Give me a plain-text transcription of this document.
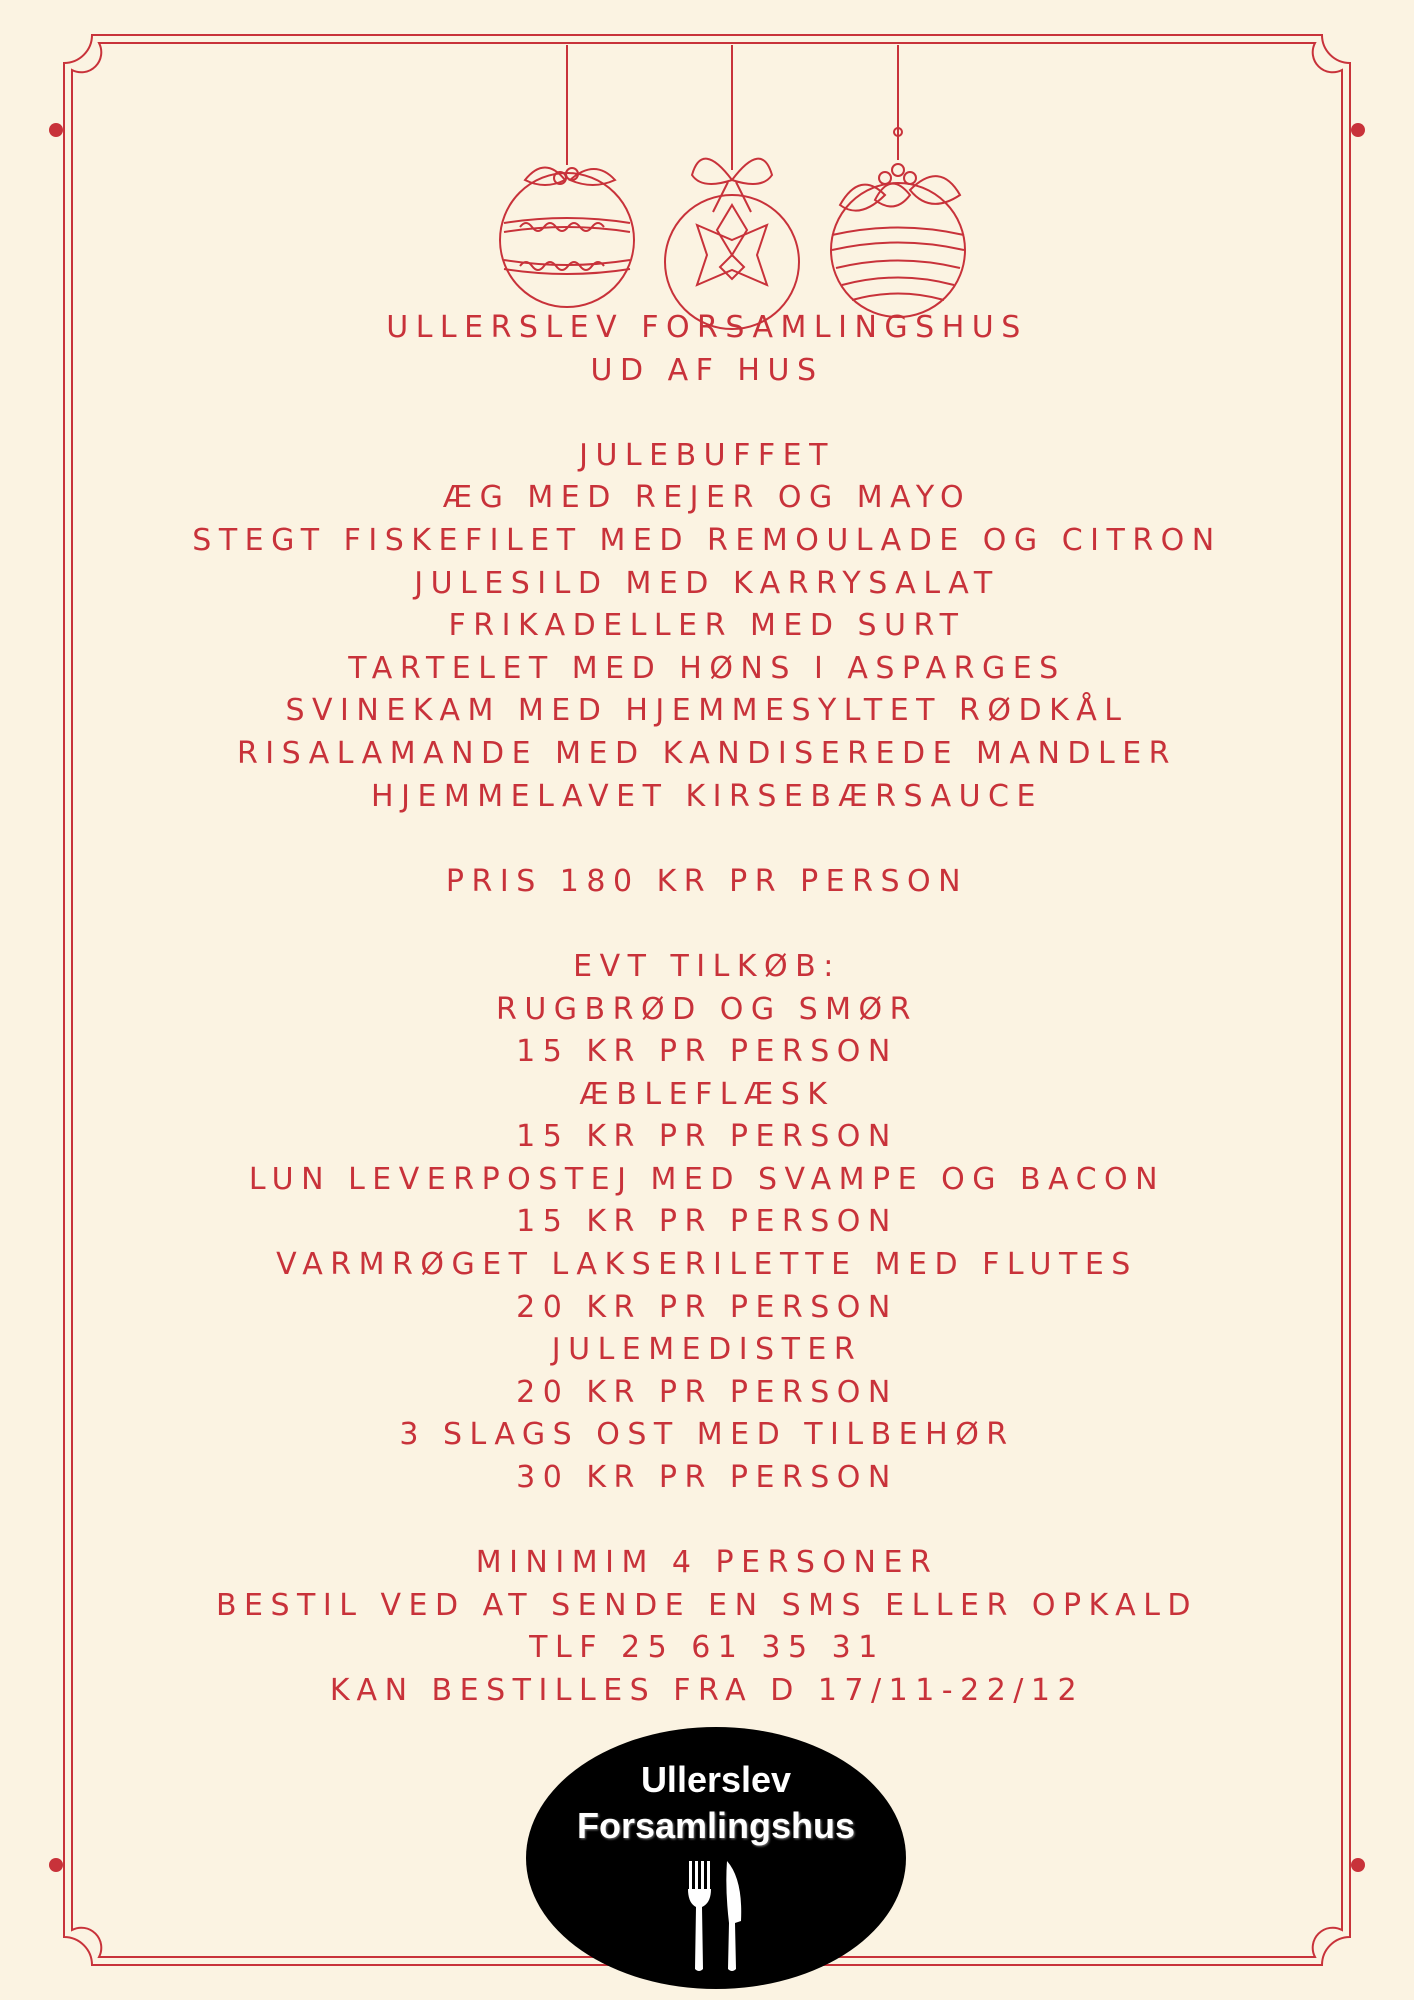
ULLERSLEV FORSAMLINGSHUS
UD AF HUS
JULEBUFFET
ÆG MED REJER OG MAYO
STEGT FISKEFILET MED REMOULADE OG CITRON
JULESILD MED KARRYSALAT
FRIKADELLER MED SURT
TARTELET MED HØNS I ASPARGES
SVINEKAM MED HJEMMESYLTET RØDKÅL
RISALAMANDE MED KANDISEREDE MANDLER
HJEMMELAVET KIRSEBÆRSAUCE
PRIS 180 KR PR PERSON
EVT TILKØB:
RUGBRØD OG SMØR
15 KR PR PERSON
ÆBLEFLÆSK
15 KR PR PERSON
LUN LEVERPOSTEJ MED SVAMPE OG BACON
15 KR PR PERSON
VARMRØGET LAKSERILETTE MED FLUTES
20 KR PR PERSON
JULEMEDISTER
20 KR PR PERSON
3 SLAGS OST MED TILBEHØR
30 KR PR PERSON
MINIMIM 4 PERSONER
BESTIL VED AT SENDE EN SMS ELLER OPKALD
TLF 25 61 35 31
KAN BESTILLES FRA D 17/11-22/12
Ullerslev
Forsamlingshus
